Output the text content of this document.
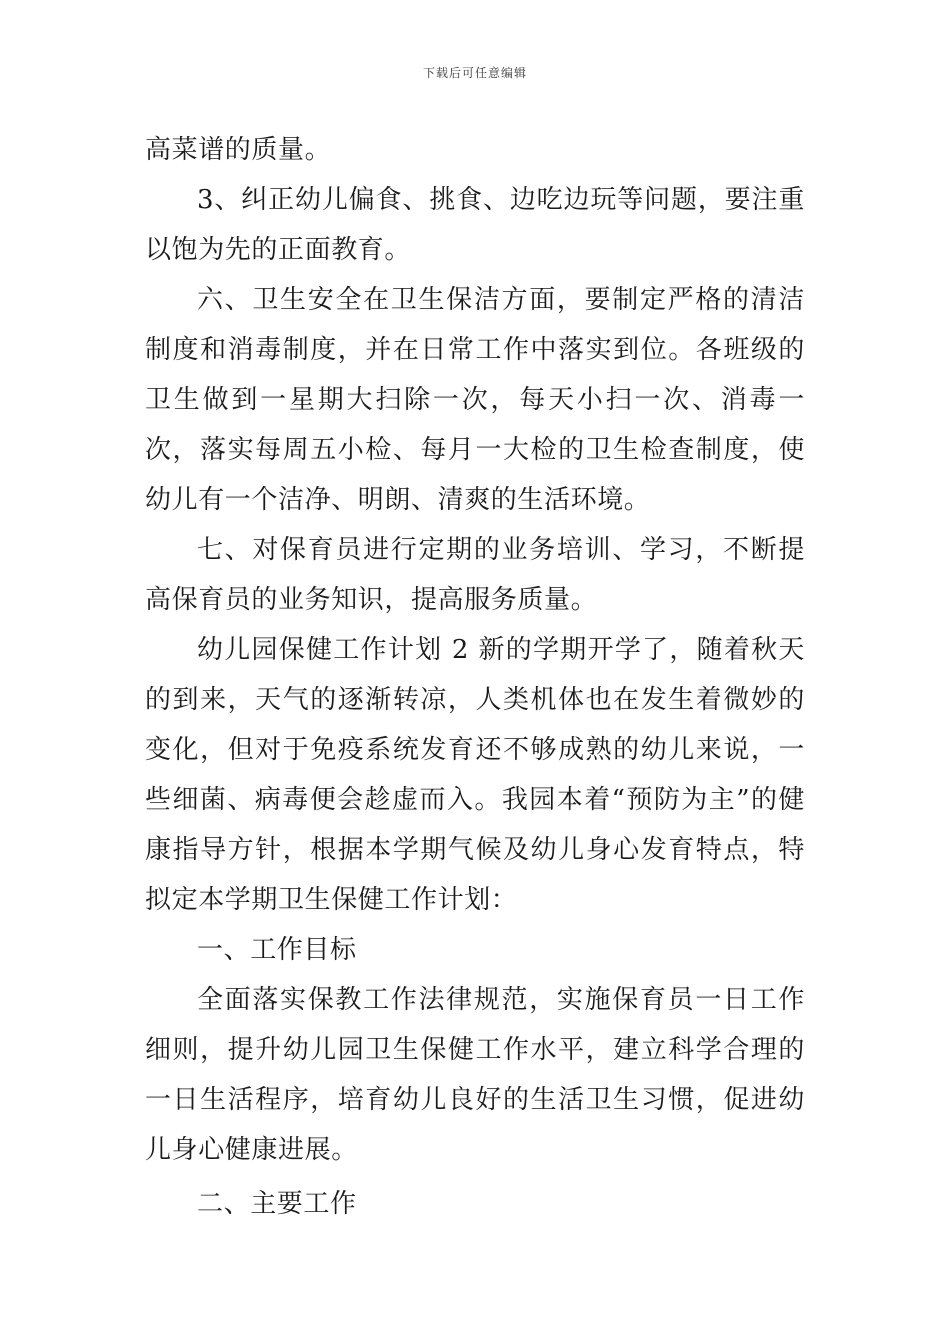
下载后可任意编辑

高菜谱的质量。

3、纠正幼儿偏食、挑食、边吃边玩等问题，要注重以饱为先的正面教育。

六、卫生安全在卫生保洁方面，要制定严格的清洁制度和消毒制度，并在日常工作中落实到位。各班级的卫生做到一星期大扫除一次，每天小扫一次、消毒一次，落实每周五小检、每月一大检的卫生检查制度，使幼儿有一个洁净、明朗、清爽的生活环境。

七、对保育员进行定期的业务培训、学习，不断提高保育员的业务知识，提高服务质量。

幼儿园保健工作计划 2 新的学期开学了，随着秋天的到来，天气的逐渐转凉，人类机体也在发生着微妙的变化，但对于免疫系统发育还不够成熟的幼儿来说，一些细菌、病毒便会趁虚而入。我园本着“预防为主”的健康指导方针，根据本学期气候及幼儿身心发育特点，特拟定本学期卫生保健工作计划：

一、工作目标

全面落实保教工作法律规范，实施保育员一日工作细则，提升幼儿园卫生保健工作水平，建立科学合理的一日生活程序，培育幼儿良好的生活卫生习惯，促进幼儿身心健康进展。

二、主要工作
